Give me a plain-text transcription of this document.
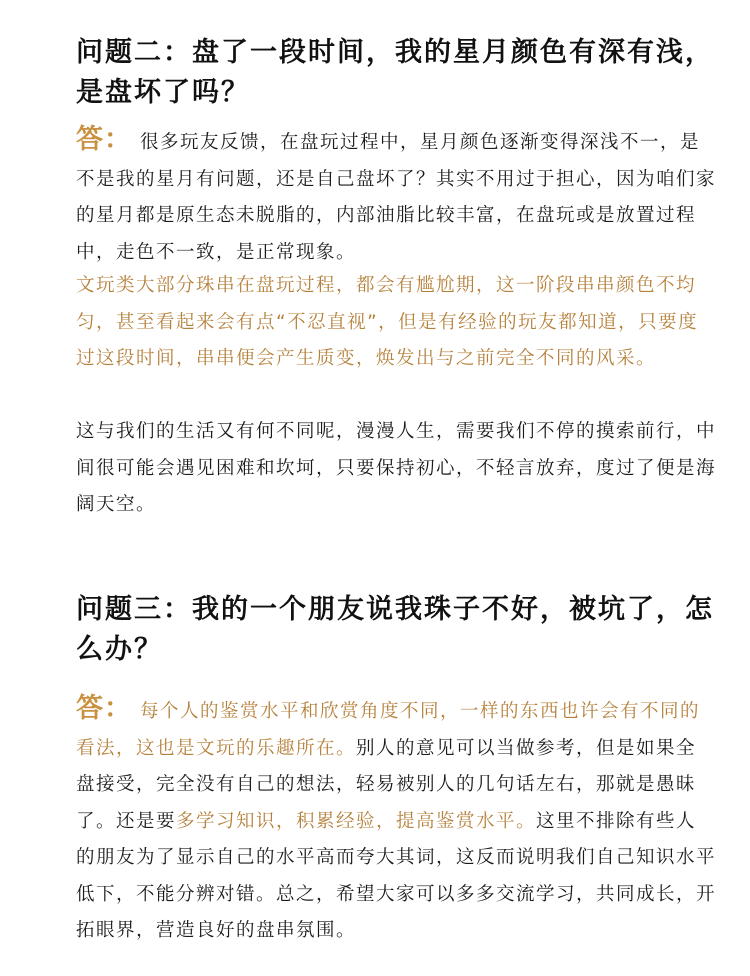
问题二：盘了一段时间，我的星月颜色有深有浅，是盘坏了吗？

答： 很多玩友反馈，在盘玩过程中，星月颜色逐渐变得深浅不一，是不是我的星月有问题，还是自己盘坏了？其实不用过于担心，因为咱们家的星月都是原生态未脱脂的，内部油脂比较丰富，在盘玩或是放置过程中，走色不一致，是正常现象。

文玩类大部分珠串在盘玩过程，都会有尴尬期，这一阶段串串颜色不均匀，甚至看起来会有点“不忍直视”，但是有经验的玩友都知道，只要度过这段时间，串串便会产生质变，焕发出与之前完全不同的风采。

这与我们的生活又有何不同呢，漫漫人生，需要我们不停的摸索前行，中间很可能会遇见困难和坎坷，只要保持初心，不轻言放弃，度过了便是海阔天空。

问题三：我的一个朋友说我珠子不好，被坑了，怎么办？

答： 每个人的鉴赏水平和欣赏角度不同，一样的东西也许会有不同的看法，这也是文玩的乐趣所在。别人的意见可以当做参考，但是如果全盘接受，完全没有自己的想法，轻易被别人的几句话左右，那就是愚昧了。还是要多学习知识，积累经验，提高鉴赏水平。这里不排除有些人的朋友为了显示自己的水平高而夸大其词，这反而说明我们自己知识水平低下，不能分辨对错。总之，希望大家可以多多交流学习，共同成长，开拓眼界，营造良好的盘串氛围。
